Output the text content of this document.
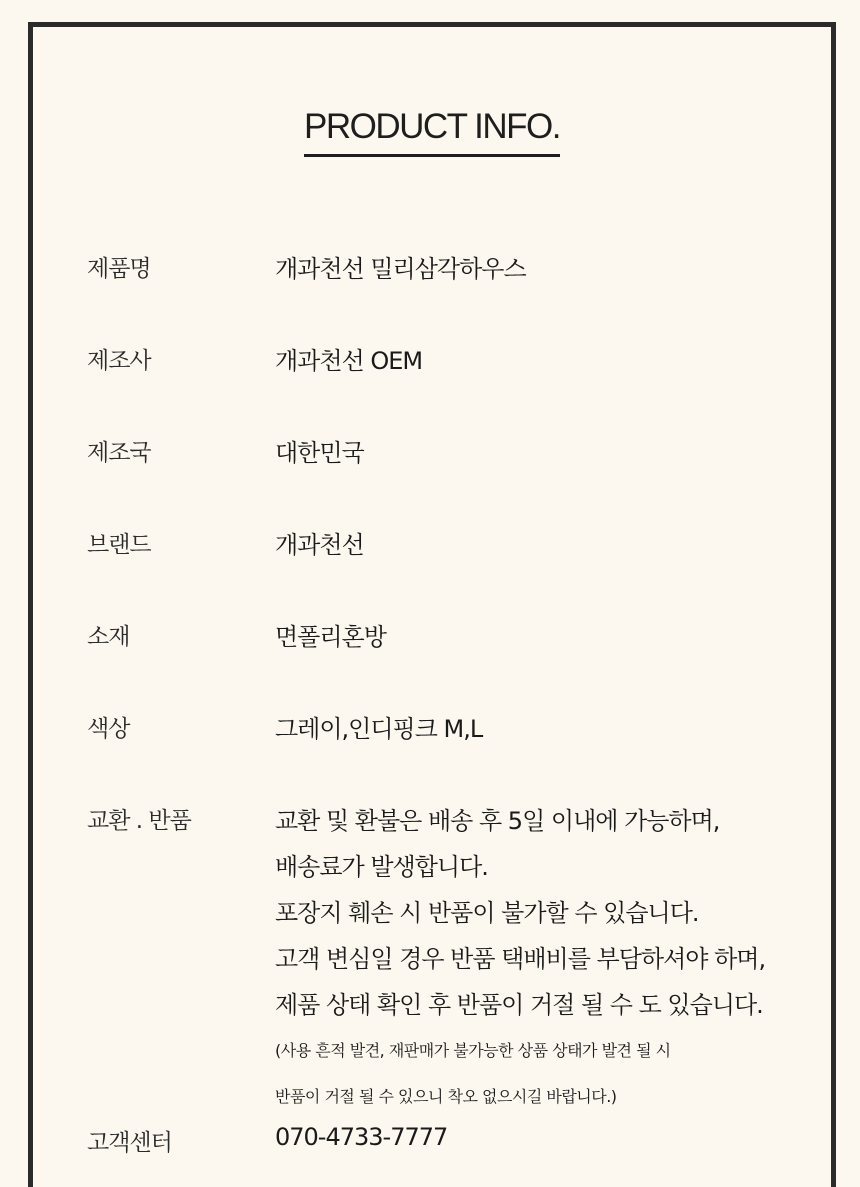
PRODUCT INFO.
제품명	개과천선 밀리삼각하우스
제조사	개과천선 OEM
제조국	대한민국
브랜드	개과천선
소재	면폴리혼방
색상	그레이,인디핑크 M,L
교환 . 반품	교환 및 환불은 배송 후 5일 이내에 가능하며,
배송료가 발생합니다.
포장지 훼손 시 반품이 불가할 수 있습니다.
고객 변심일 경우 반품 택배비를 부담하셔야 하며,
제품 상태 확인 후 반품이 거절 될 수 도 있습니다.
(사용 흔적 발견, 재판매가 불가능한 상품 상태가 발견 될 시
반품이 거절 될 수 있으니 착오 없으시길 바랍니다.)
고객센터	070-4733-7777
